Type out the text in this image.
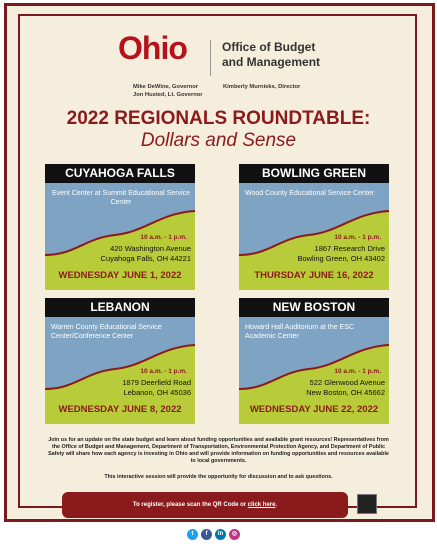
Ohio	Office of Budget
and Management
Mike DeWine, Governor
Jon Husted, Lt. Governor
Kimberly Murnieks, Director
2022 REGIONALS ROUNDTABLE:
Dollars and Sense
CUYAHOGA FALLS
Event Center at Summit Educational Service Center
10 a.m. - 1 p.m.
420 Washington Avenue
Cuyahoga Falls, OH 44221
WEDNESDAY JUNE 1, 2022
BOWLING GREEN
Wood County Educational Service Center
10 a.m. - 1 p.m.
1867 Research Drive
Bowling Green, OH 43402
THURSDAY JUNE 16, 2022
LEBANON
Warren County Educational Service Center/Conference Center
10 a.m. - 1 p.m.
1879 Deerfield Road
Lebanon, OH 45036
WEDNESDAY JUNE 8, 2022
NEW BOSTON
Howard Hall Auditorium at the ESC Academic Center
10 a.m. - 1 p.m.
522 Glenwood Avenue
New Boston, OH 45662
WEDNESDAY JUNE 22, 2022
Join us for an update on the state budget and learn about funding opportunities and available grant resources! Representatives from the Office of Budget and Management, Department of Transportation, Environmental Protection Agency, and Department of Public Safety will share how each agency is investing in Ohio and will provide information on funding opportunities and resources available to local governments.
This interactive session will provide the opportunity for discussion and to ask questions.
To register, please scan the QR Code or click here.
t	f	in	◎
